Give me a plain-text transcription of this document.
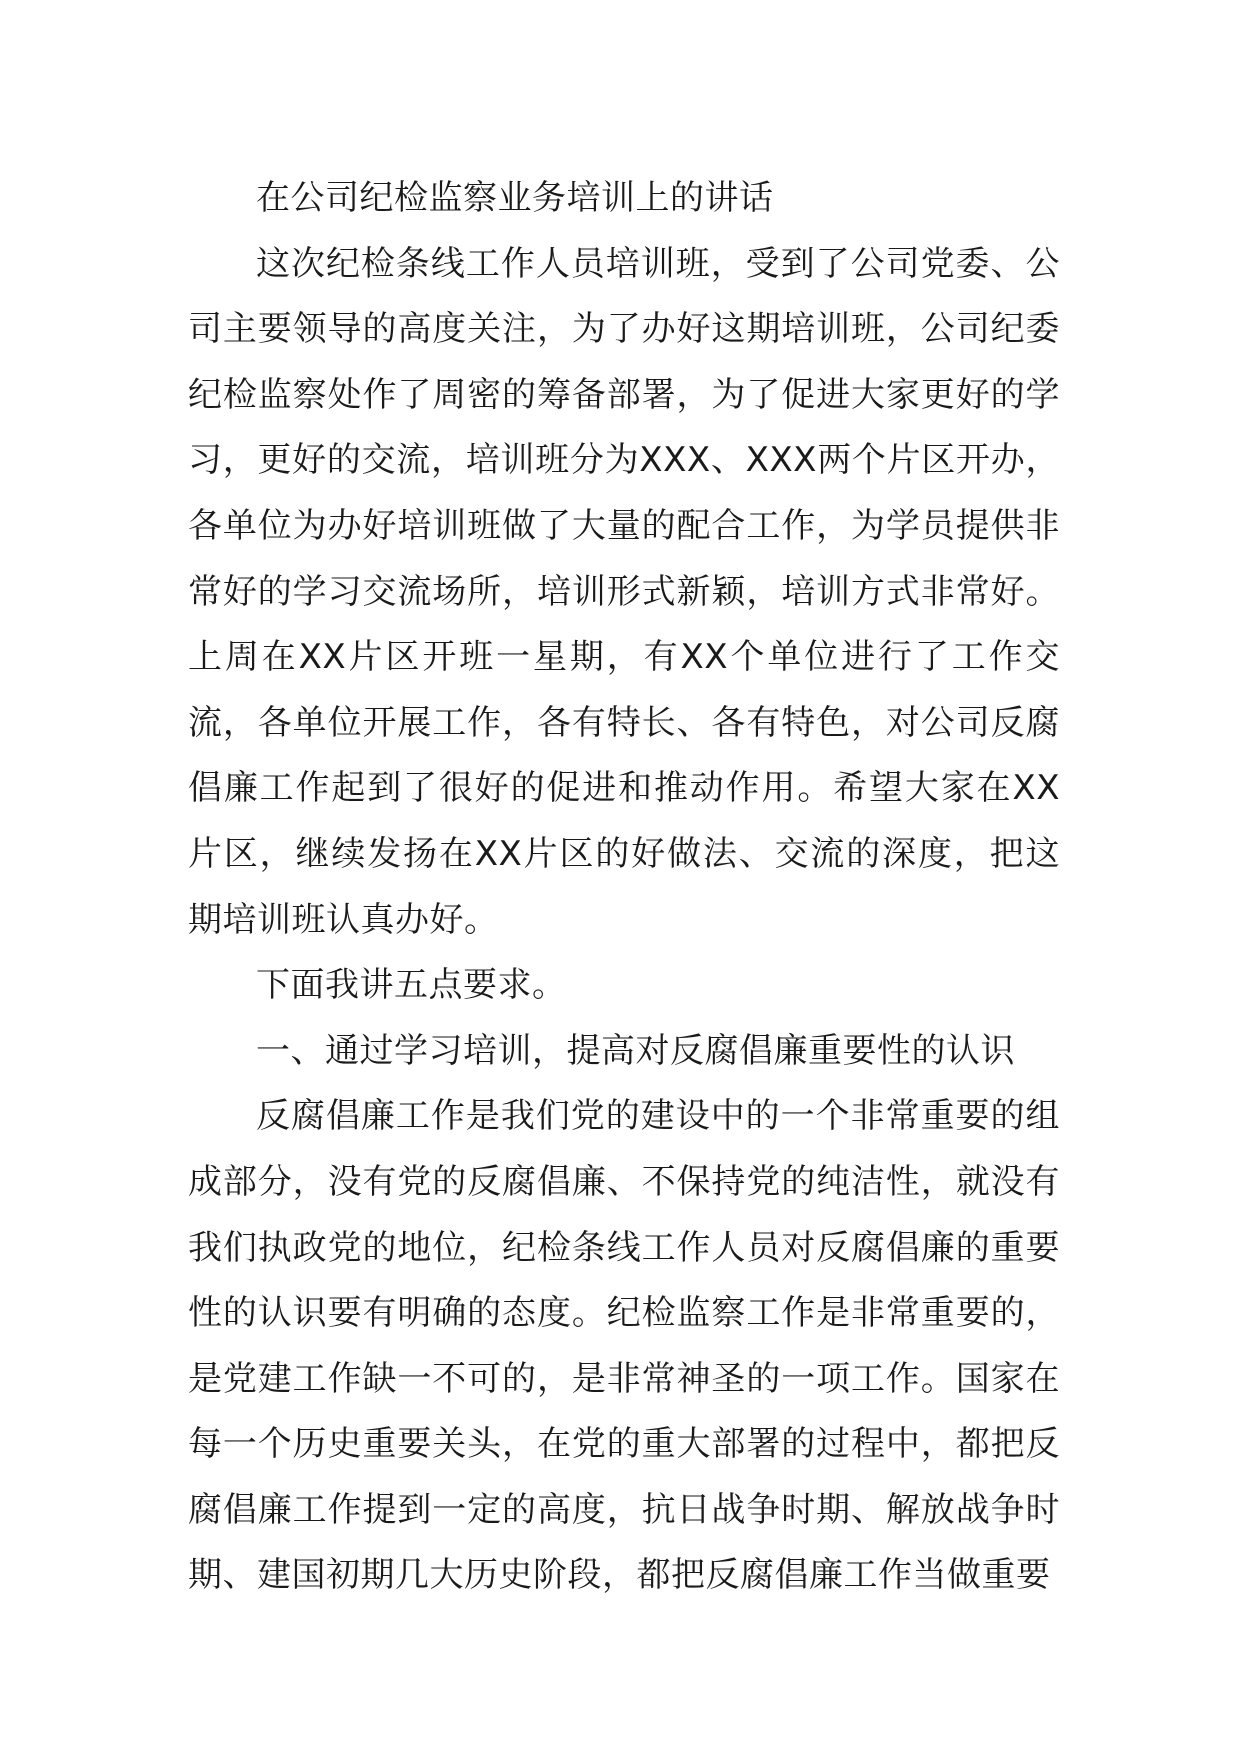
在公司纪检监察业务培训上的讲话

这次纪检条线工作人员培训班，受到了公司党委、公司主要领导的高度关注，为了办好这期培训班，公司纪委纪检监察处作了周密的筹备部署，为了促进大家更好的学习，更好的交流，培训班分为XXX、XXX两个片区开办，各单位为办好培训班做了大量的配合工作，为学员提供非常好的学习交流场所，培训形式新颖，培训方式非常好。上周在XX片区开班一星期，有XX个单位进行了工作交流，各单位开展工作，各有特长、各有特色，对公司反腐倡廉工作起到了很好的促进和推动作用。希望大家在XX片区，继续发扬在XX片区的好做法、交流的深度，把这期培训班认真办好。

下面我讲五点要求。

一、通过学习培训，提高对反腐倡廉重要性的认识

反腐倡廉工作是我们党的建设中的一个非常重要的组成部分，没有党的反腐倡廉、不保持党的纯洁性，就没有我们执政党的地位，纪检条线工作人员对反腐倡廉的重要性的认识要有明确的态度。纪检监察工作是非常重要的，是党建工作缺一不可的，是非常神圣的一项工作。国家在每一个历史重要关头，在党的重大部署的过程中，都把反腐倡廉工作提到一定的高度，抗日战争时期、解放战争时期、建国初期几大历史阶段，都把反腐倡廉工作当做重要
